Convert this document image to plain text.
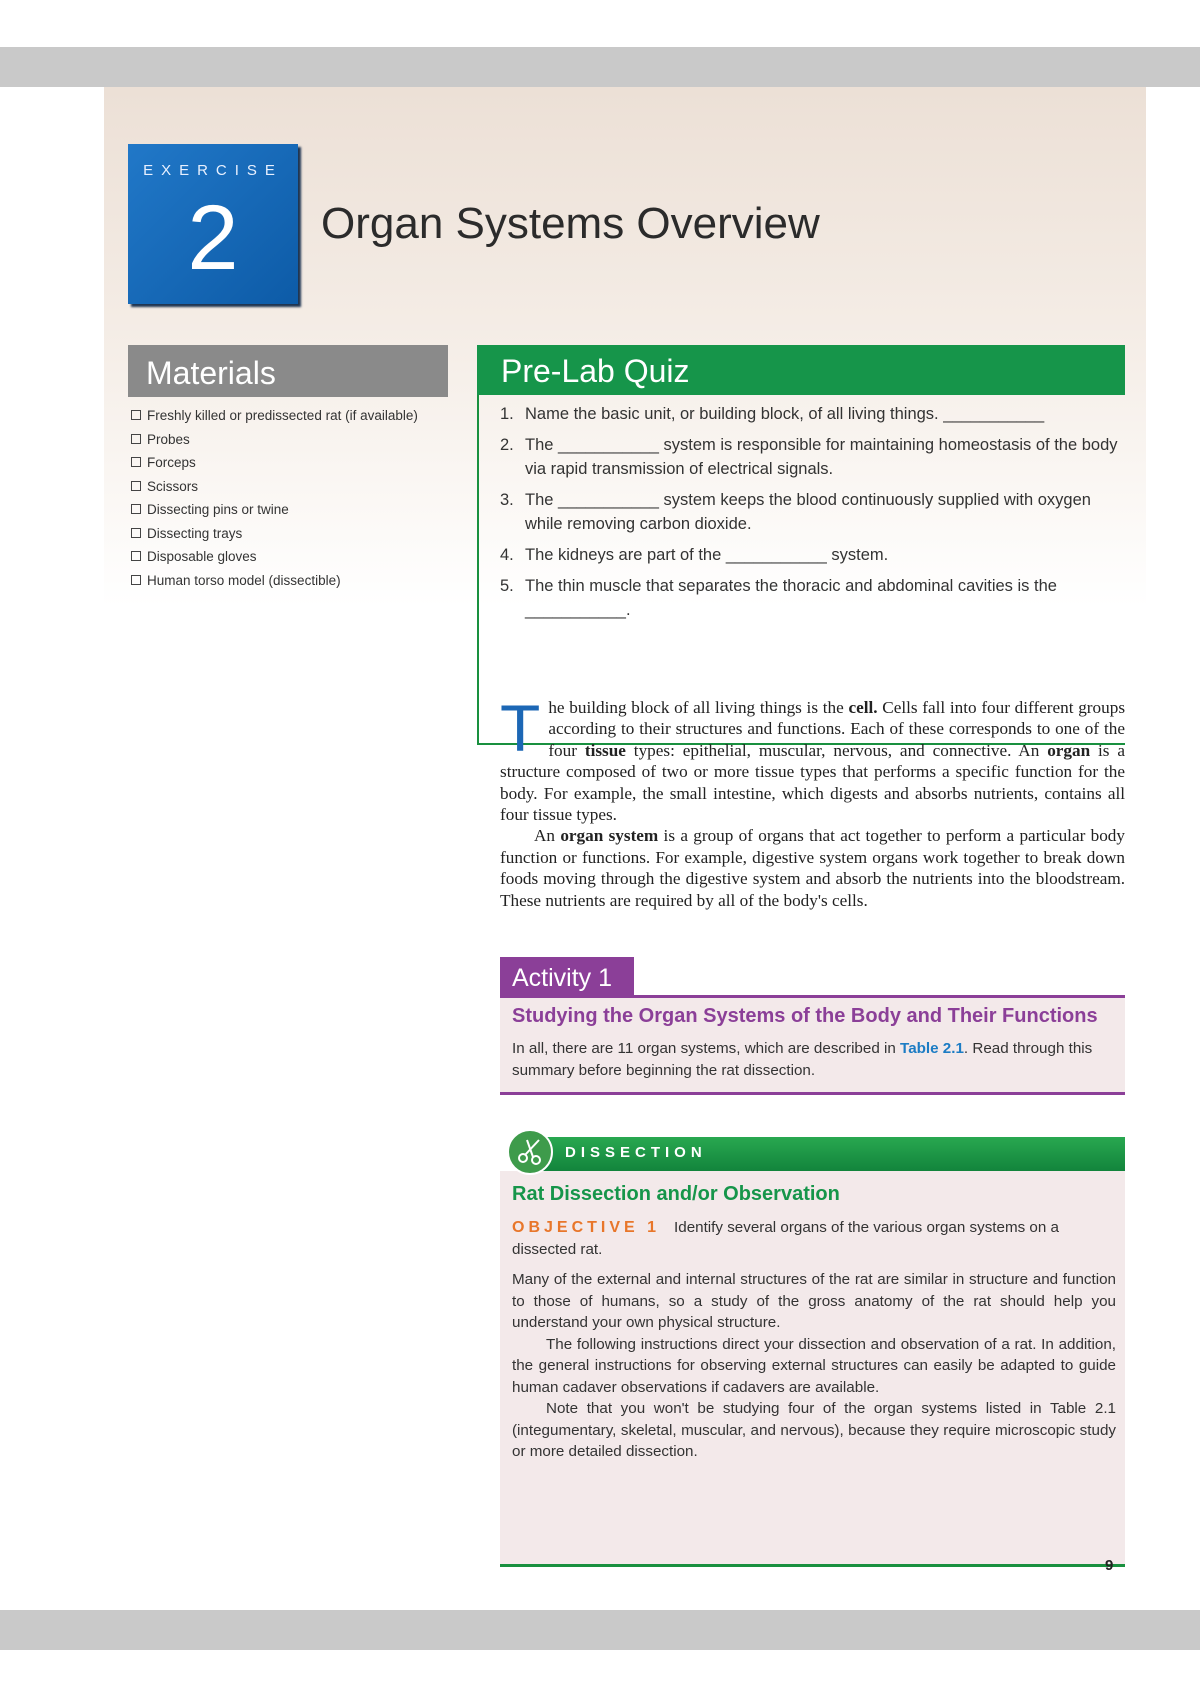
EXERCISE
2	Organ Systems Overview
Materials
Freshly killed or predissected rat (if available)
Probes
Forceps
Scissors
Dissecting pins or twine
Dissecting trays
Disposable gloves
Human torso model (dissectible)
Pre-Lab Quiz
1. Name the basic unit, or building block, of all living things. ___________
2. The ___________ system is responsible for maintaining homeostasis of the body via rapid transmission of electrical signals.
3. The ___________ system keeps the blood continuously supplied with oxygen while removing carbon dioxide.
4. The kidneys are part of the ___________ system.
5. The thin muscle that separates the thoracic and abdominal cavities is the ___________.

The building block of all living things is the cell. Cells fall into four different groups according to their structures and functions. Each of these corresponds to one of the four tissue types: epithelial, muscular, nervous, and connective. An organ is a structure composed of two or more tissue types that performs a specific function for the body. For example, the small intestine, which digests and absorbs nutrients, contains all four tissue types.

An organ system is a group of organs that act together to perform a particular body function or functions. For example, digestive system organs work together to break down foods moving through the digestive system and absorb the nutrients into the bloodstream. These nutrients are required by all of the body's cells.

Activity 1
Studying the Organ Systems of the Body and Their Functions
In all, there are 11 organ systems, which are described in Table 2.1. Read through this summary before beginning the rat dissection.
DISSECTION
Rat Dissection and/or Observation
OBJECTIVE 1 Identify several organs of the various organ systems on a dissected rat.

Many of the external and internal structures of the rat are similar in structure and function to those of humans, so a study of the gross anatomy of the rat should help you understand your own physical structure.

The following instructions direct your dissection and observation of a rat. In addition, the general instructions for observing external structures can easily be adapted to guide human cadaver observations if cadavers are available.

Note that you won't be studying four of the organ systems listed in Table 2.1 (integumentary, skeletal, muscular, and nervous), because they require microscopic study or more detailed dissection.

9
